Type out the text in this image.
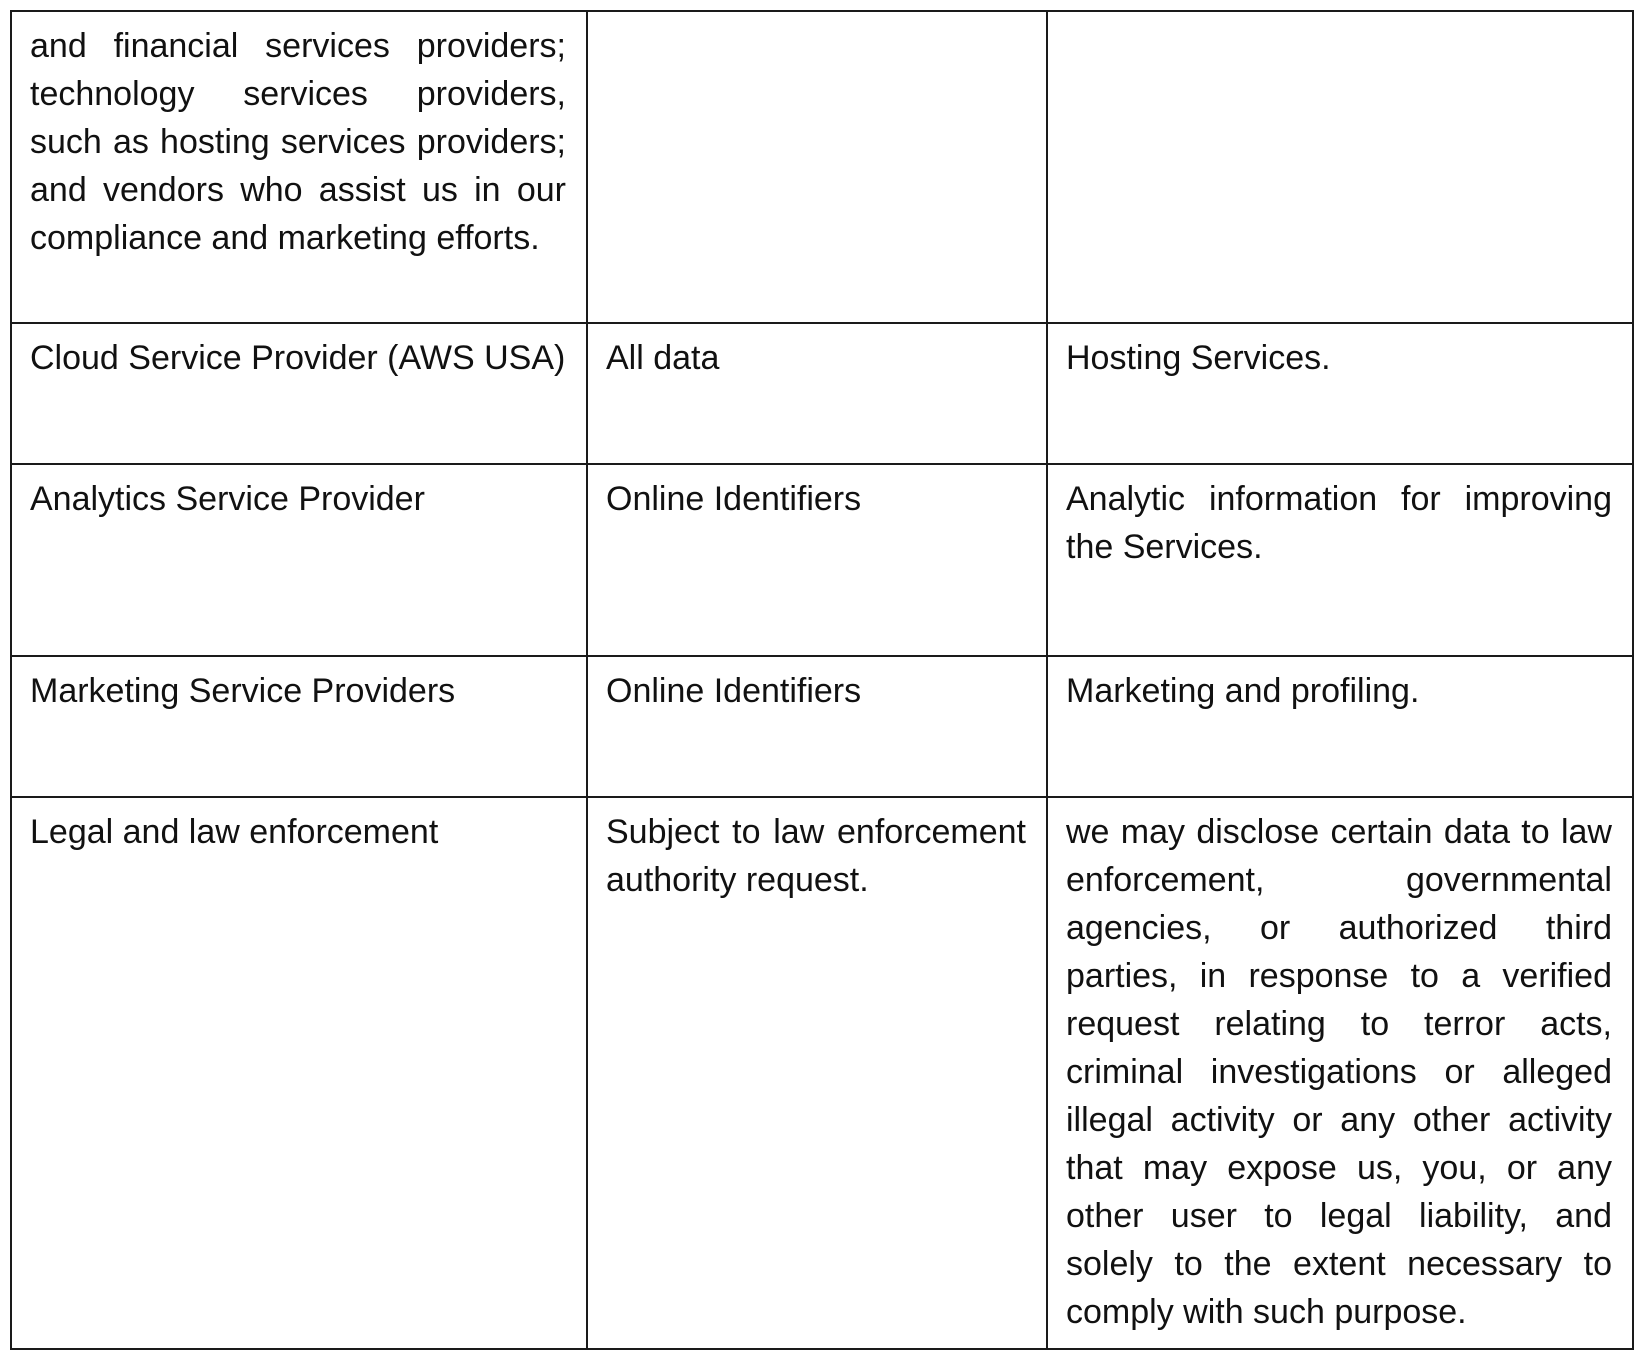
and financial services providers; technology services providers, such as hosting services providers; and vendors who assist us in our compliance and marketing efforts.		

Cloud Service Provider (AWS USA)	All data	Hosting Services.

Analytics Service Provider	Online Identifiers	Analytic information for improving the Services.

Marketing Service Providers	Online Identifiers	Marketing and profiling.

Legal and law enforcement	Subject to law enforcement authority request.	we may disclose certain data to law enforcement, governmental agencies, or authorized third parties, in response to a verified request relating to terror acts, criminal investigations or alleged illegal activity or any other activity that may expose us, you, or any other user to legal liability, and solely to the extent necessary to comply with such purpose.
